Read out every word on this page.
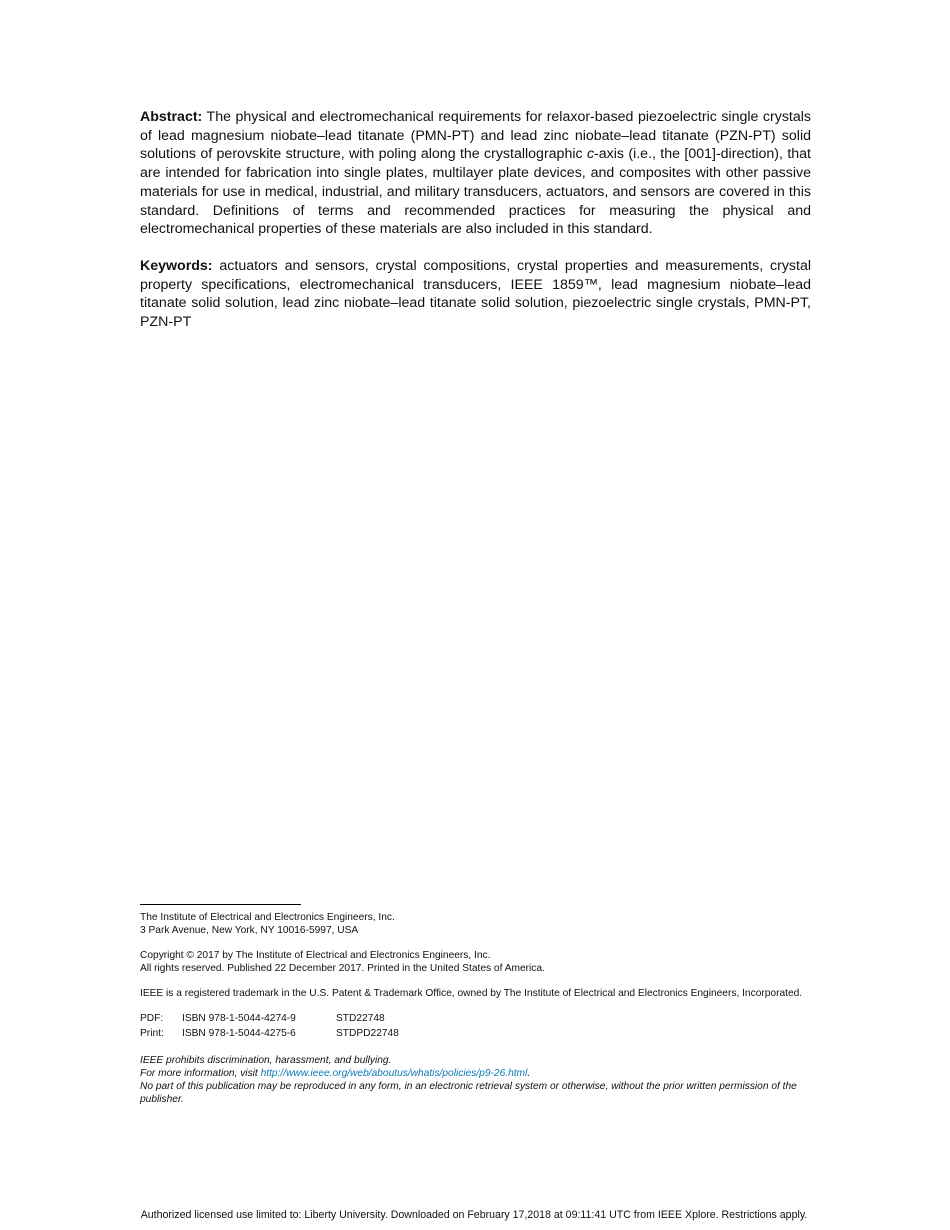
Abstract: The physical and electromechanical requirements for relaxor-based piezoelectric single crystals of lead magnesium niobate–lead titanate (PMN-PT) and lead zinc niobate–lead titanate (PZN-PT) solid solutions of perovskite structure, with poling along the crystallographic c-axis (i.e., the [001]-direction), that are intended for fabrication into single plates, multilayer plate devices, and composites with other passive materials for use in medical, industrial, and military transducers, actuators, and sensors are covered in this standard. Definitions of terms and recommended practices for measuring the physical and electromechanical properties of these materials are also included in this standard.

Keywords: actuators and sensors, crystal compositions, crystal properties and measurements, crystal property specifications, electromechanical transducers, IEEE 1859™, lead magnesium niobate–lead titanate solid solution, lead zinc niobate–lead titanate solid solution, piezoelectric single crystals, PMN-PT, PZN-PT

The Institute of Electrical and Electronics Engineers, Inc.
3 Park Avenue, New York, NY 10016-5997, USA

Copyright © 2017 by The Institute of Electrical and Electronics Engineers, Inc.
All rights reserved. Published 22 December 2017. Printed in the United States of America.

IEEE is a registered trademark in the U.S. Patent & Trademark Office, owned by The Institute of Electrical and Electronics Engineers, Incorporated.

PDF:	ISBN 978-1-5044-4274-9	STD22748
Print:	ISBN 978-1-5044-4275-6	STDPD22748

IEEE prohibits discrimination, harassment, and bullying.
For more information, visit http://www.ieee.org/web/aboutus/whatis/policies/p9-26.html.
No part of this publication may be reproduced in any form, in an electronic retrieval system or otherwise, without the prior written permission of the publisher.

Authorized licensed use limited to: Liberty University. Downloaded on February 17,2018 at 09:11:41 UTC from IEEE Xplore. Restrictions apply.
